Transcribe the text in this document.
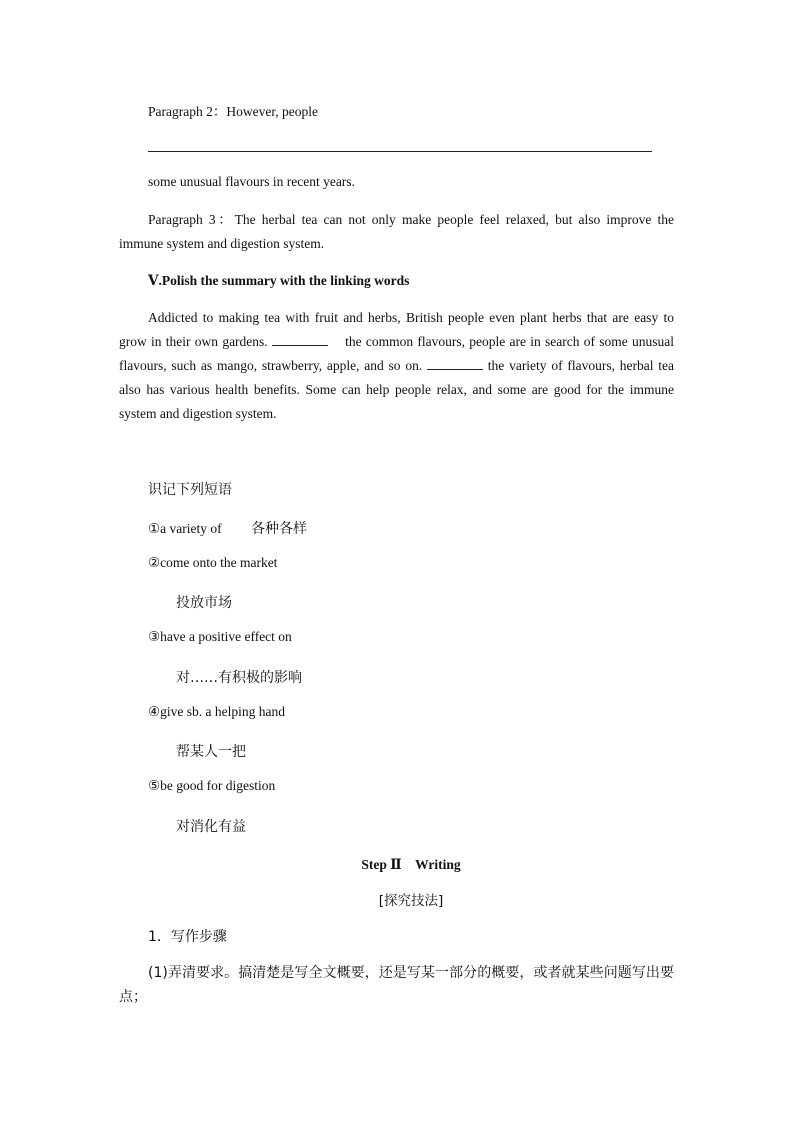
Paragraph 2：However, people
some unusual flavours in recent years.
Paragraph 3：The herbal tea can not only make people feel relaxed, but also improve the immune system and digestion system.
Ⅴ.Polish the summary with the linking words
Addicted to making tea with fruit and herbs, British people even plant herbs that are easy to grow in their own gardens.	the common flavours, people are in search of some unusual flavours, such as mango, strawberry, apple, and so on.	the variety of flavours, herbal tea also has various health benefits. Some can help people relax, and some are good for the immune system and digestion system.
识记下列短语
①a variety of 各种各样
②come onto the market
投放市场
③have a positive effect on
对……有积极的影响
④give sb. a helping hand
帮某人一把
⑤be good for digestion
对消化有益
Step Ⅱ　Writing
[探究技法]
1．写作步骤
(1)弄清要求。搞清楚是写全文概要，还是写某一部分的概要，或者就某些问题写出要点；
